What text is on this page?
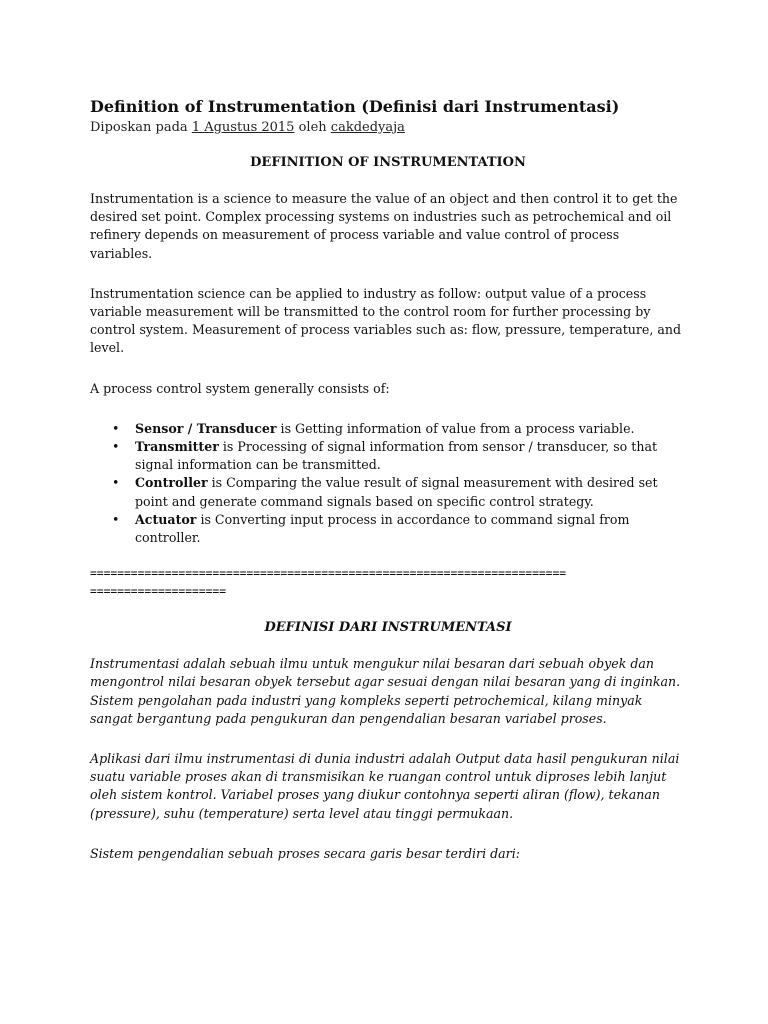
Definition of Instrumentation (Definisi dari Instrumentasi)

Diposkan pada 1 Agustus 2015 oleh cakdedyaja

DEFINITION OF INSTRUMENTATION

Instrumentation is a science to measure the value of an object and then control it to get the desired set point. Complex processing systems on industries such as petrochemical and oil refinery depends on measurement of process variable and value control of process variables.

Instrumentation science can be applied to industry as follow: output value of a process variable measurement will be transmitted to the control room for further processing by control system. Measurement of process variables such as: flow, pressure, temperature, and level.

A process control system generally consists of:

• Sensor / Transducer is Getting information of value from a process variable.
• Transmitter is Processing of signal information from sensor / transducer, so that signal information can be transmitted.
• Controller is Comparing the value result of signal measurement with desired set point and generate command signals based on specific control strategy.
• Actuator is Converting input process in accordance to command signal from controller.

======================================================================

====================

DEFINISI DARI INSTRUMENTASI

Instrumentasi adalah sebuah ilmu untuk mengukur nilai besaran dari sebuah obyek dan mengontrol nilai besaran obyek tersebut agar sesuai dengan nilai besaran yang di inginkan. Sistem pengolahan pada industri yang kompleks seperti petrochemical, kilang minyak sangat bergantung pada pengukuran dan pengendalian besaran variabel proses.

Aplikasi dari ilmu instrumentasi di dunia industri adalah Output data hasil pengukuran nilai suatu variable proses akan di transmisikan ke ruangan control untuk diproses lebih lanjut oleh sistem kontrol. Variabel proses yang diukur contohnya seperti aliran (flow), tekanan (pressure), suhu (temperature) serta level atau tinggi permukaan.

Sistem pengendalian sebuah proses secara garis besar terdiri dari:
